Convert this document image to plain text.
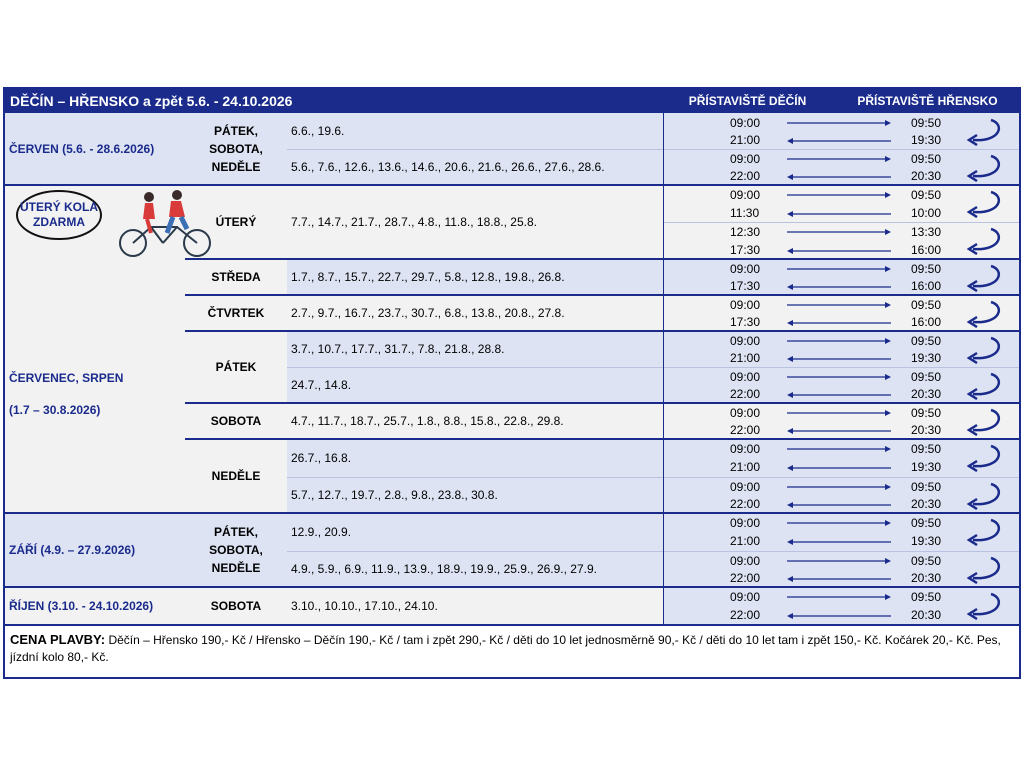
DĚČÍN – HŘENSKO a zpět 5.6. - 24.10.2026	PŘÍSTAVIŠTĚ DĚČÍN	PŘÍSTAVIŠTĚ HŘENSKO
ČERVEN (5.6. - 28.6.2026)
ČERVENEC, SRPEN
(1.7 – 30.8.2026)
ZÁŘÍ (4.9. – 27.9.2026)
ŘÍJEN (3.10. - 24.10.2026)
PÁTEK,
SOBOTA,
NEDĚLE
ÚTERÝ
STŘEDA
ČTVRTEK
PÁTEK
SOBOTA
NEDĚLE
PÁTEK,
SOBOTA,
NEDĚLE
SOBOTA
6.6., 19.6.
09:00
21:00
09:50
19:30
5.6., 7.6., 12.6., 13.6., 14.6., 20.6., 21.6., 26.6., 27.6., 28.6.
09:00
22:00
09:50
20:30
7.7., 14.7., 21.7., 28.7., 4.8., 11.8., 18.8., 25.8.
09:00
11:30
09:50
10:00
12:30
17:30
13:30
16:00
1.7., 8.7., 15.7., 22.7., 29.7., 5.8., 12.8., 19.8., 26.8.
09:00
17:30
09:50
16:00
2.7., 9.7., 16.7., 23.7., 30.7., 6.8., 13.8., 20.8., 27.8.
09:00
17:30
09:50
16:00
3.7., 10.7., 17.7., 31.7., 7.8., 21.8., 28.8.
09:00
21:00
09:50
19:30
24.7., 14.8.
09:00
22:00
09:50
20:30
4.7., 11.7., 18.7., 25.7., 1.8., 8.8., 15.8., 22.8., 29.8.
09:00
22:00
09:50
20:30
26.7., 16.8.
09:00
21:00
09:50
19:30
5.7., 12.7., 19.7., 2.8., 9.8., 23.8., 30.8.
09:00
22:00
09:50
20:30
12.9., 20.9.
09:00
21:00
09:50
19:30
4.9., 5.9., 6.9., 11.9., 13.9., 18.9., 19.9., 25.9., 26.9., 27.9.
09:00
22:00
09:50
20:30
3.10., 10.10., 17.10., 24.10.
09:00
22:00
09:50
20:30
CENA PLAVBY: Děčín – Hřensko 190,- Kč / Hřensko – Děčín 190,- Kč / tam i zpět 290,- Kč / děti do 10 let jednosměrně 90,- Kč / děti do 10 let tam i zpět 150,- Kč. Kočárek 20,- Kč. Pes, jízdní kolo 80,- Kč.
ÚTERÝ KOLA
ZDARMA
